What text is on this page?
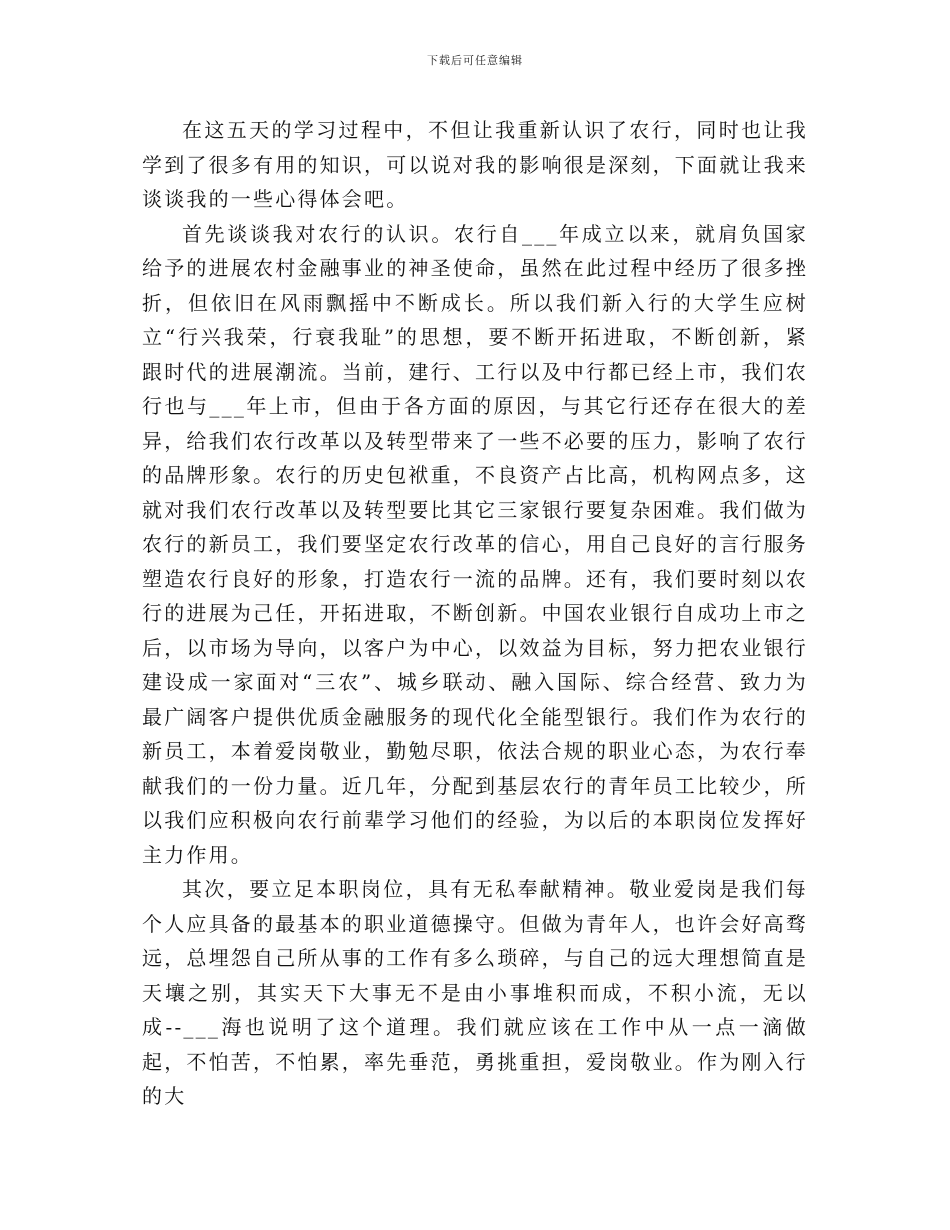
下载后可任意编辑

在这五天的学习过程中，不但让我重新认识了农行，同时也让我学到了很多有用的知识，可以说对我的影响很是深刻，下面就让我来谈谈我的一些心得体会吧。

首先谈谈我对农行的认识。农行自___年成立以来，就肩负国家给予的进展农村金融事业的神圣使命，虽然在此过程中经历了很多挫折，但依旧在风雨飘摇中不断成长。所以我们新入行的大学生应树立“行兴我荣，行衰我耻”的思想，要不断开拓进取，不断创新，紧跟时代的进展潮流。当前，建行、工行以及中行都已经上市，我们农行也与___年上市，但由于各方面的原因，与其它行还存在很大的差异，给我们农行改革以及转型带来了一些不必要的压力，影响了农行的品牌形象。农行的历史包袱重，不良资产占比高，机构网点多，这就对我们农行改革以及转型要比其它三家银行要复杂困难。我们做为农行的新员工，我们要坚定农行改革的信心，用自己良好的言行服务塑造农行良好的形象，打造农行一流的品牌。还有，我们要时刻以农行的进展为己任，开拓进取，不断创新。中国农业银行自成功上市之后，以市场为导向，以客户为中心，以效益为目标，努力把农业银行建设成一家面对“三农”、城乡联动、融入国际、综合经营、致力为最广阔客户提供优质金融服务的现代化全能型银行。我们作为农行的新员工，本着爱岗敬业，勤勉尽职，依法合规的职业心态，为农行奉献我们的一份力量。近几年，分配到基层农行的青年员工比较少，所以我们应积极向农行前辈学习他们的经验，为以后的本职岗位发挥好主力作用。

其次，要立足本职岗位，具有无私奉献精神。敬业爱岗是我们每个人应具备的最基本的职业道德操守。但做为青年人，也许会好高骛远，总埋怨自己所从事的工作有多么琐碎，与自己的远大理想简直是天壤之别，其实天下大事无不是由小事堆积而成，不积小流，无以成--___海也说明了这个道理。我们就应该在工作中从一点一滴做起，不怕苦，不怕累，率先垂范，勇挑重担，爱岗敬业。作为刚入行的大
